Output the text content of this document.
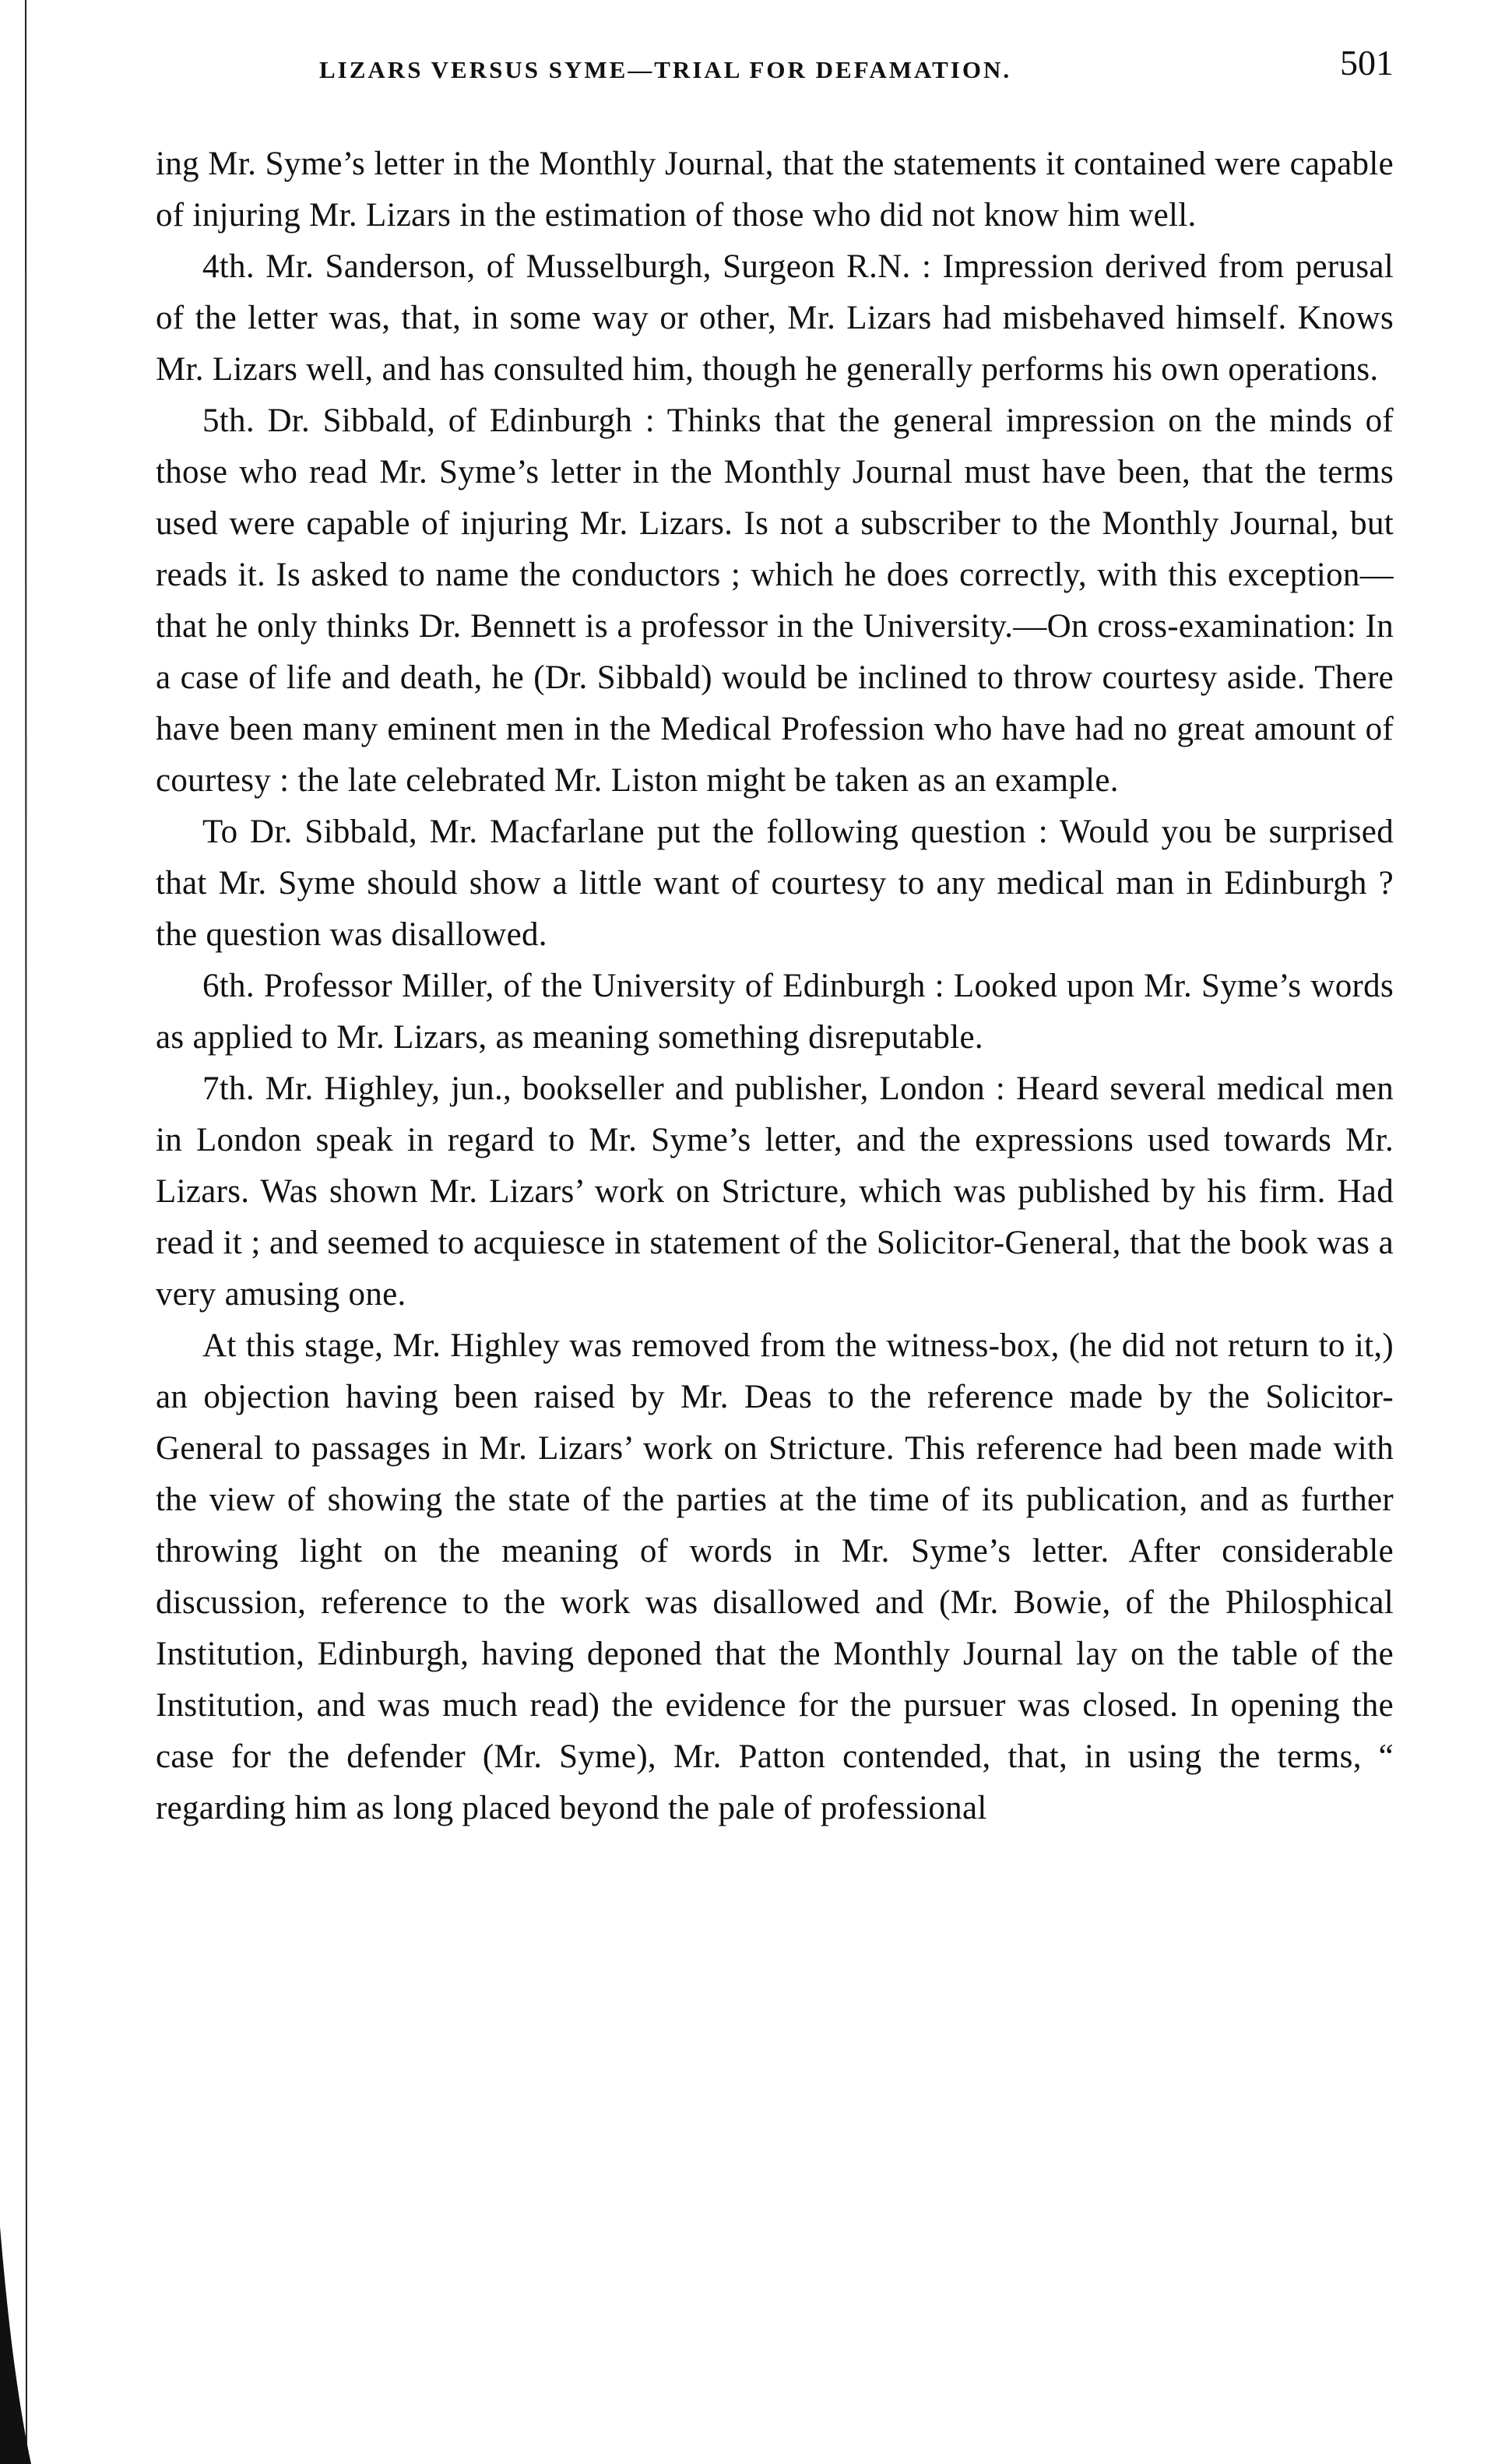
LIZARS VERSUS SYME—TRIAL FOR DEFAMATION.	501

ing Mr. Syme’s letter in the Monthly Journal, that the statements it contained were capable of injuring Mr. Lizars in the estimation of those who did not know him well.

4th. Mr. Sanderson, of Musselburgh, Surgeon R.N. : Impression derived from perusal of the letter was, that, in some way or other, Mr. Lizars had misbehaved himself. Knows Mr. Lizars well, and has consulted him, though he generally performs his own operations.

5th. Dr. Sibbald, of Edinburgh : Thinks that the general impression on the minds of those who read Mr. Syme’s letter in the Monthly Journal must have been, that the terms used were capable of injuring Mr. Lizars. Is not a subscriber to the Monthly Journal, but reads it. Is asked to name the conductors ; which he does correctly, with this exception—that he only thinks Dr. Bennett is a professor in the University.—On cross-examination: In a case of life and death, he (Dr. Sibbald) would be inclined to throw courtesy aside. There have been many eminent men in the Medical Profession who have had no great amount of courtesy : the late celebrated Mr. Liston might be taken as an example.

To Dr. Sibbald, Mr. Macfarlane put the following question : Would you be surprised that Mr. Syme should show a little want of courtesy to any medical man in Edinburgh ? the question was disallowed.

6th. Professor Miller, of the University of Edinburgh : Looked upon Mr. Syme’s words as applied to Mr. Lizars, as meaning something disreputable.

7th. Mr. Highley, jun., bookseller and publisher, London : Heard several medical men in London speak in regard to Mr. Syme’s letter, and the expressions used towards Mr. Lizars. Was shown Mr. Lizars’ work on Stricture, which was published by his firm. Had read it ; and seemed to acquiesce in statement of the Solicitor-General, that the book was a very amusing one.

At this stage, Mr. Highley was removed from the witness-box, (he did not return to it,) an objection having been raised by Mr. Deas to the reference made by the Solicitor-General to passages in Mr. Lizars’ work on Stricture. This reference had been made with the view of showing the state of the parties at the time of its publication, and as further throwing light on the meaning of words in Mr. Syme’s letter. After considerable discussion, reference to the work was disallowed and (Mr. Bowie, of the Philosphical Institution, Edinburgh, having deponed that the Monthly Journal lay on the table of the Institution, and was much read) the evidence for the pursuer was closed. In opening the case for the defender (Mr. Syme), Mr. Patton contended, that, in using the terms, “ regarding him as long placed beyond the pale of professional
